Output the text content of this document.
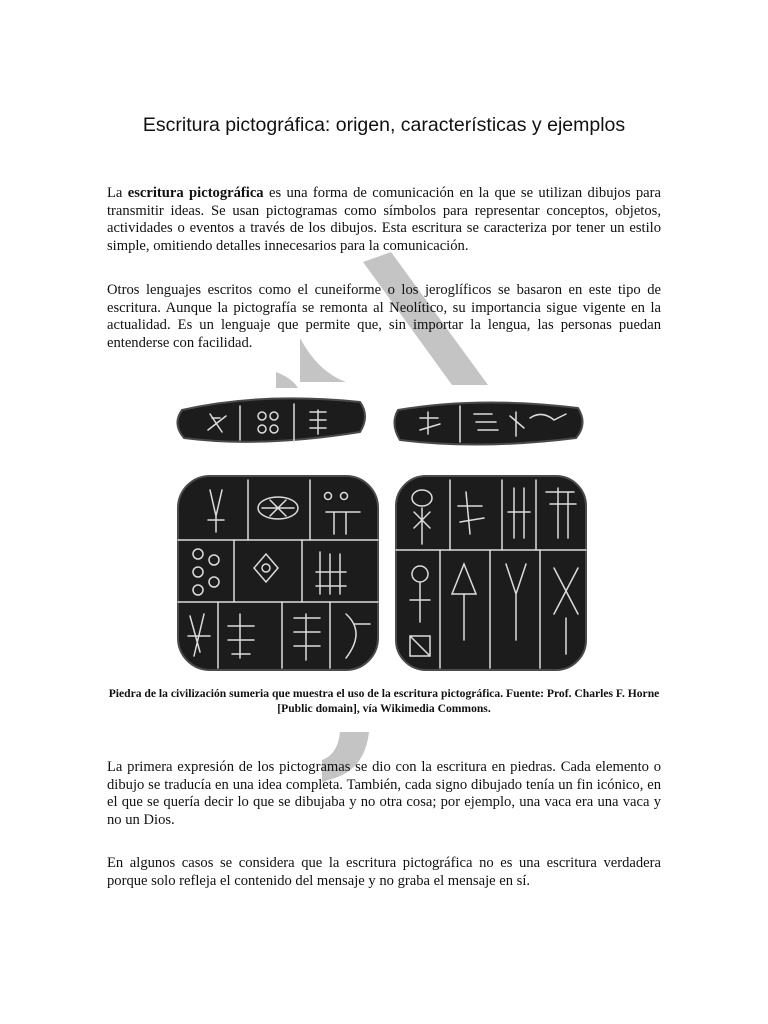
Escritura pictográfica: origen, características y ejemplos

La escritura pictográfica es una forma de comunicación en la que se utilizan dibujos para transmitir ideas. Se usan pictogramas como símbolos para representar conceptos, objetos, actividades o eventos a través de los dibujos. Esta escritura se caracteriza por tener un estilo simple, omitiendo detalles innecesarios para la comunicación.

Otros lenguajes escritos como el cuneiforme o los jeroglíficos se basaron en este tipo de escritura. Aunque la pictografía se remonta al Neolítico, su importancia sigue vigente en la actualidad. Es un lenguaje que permite que, sin importar la lengua, las personas puedan entenderse con facilidad.

Piedra de la civilización sumeria que muestra el uso de la escritura pictográfica. Fuente: Prof. Charles F. Horne [Public domain], vía Wikimedia Commons.

La primera expresión de los pictogramas se dio con la escritura en piedras. Cada elemento o dibujo se traducía en una idea completa. También, cada signo dibujado tenía un fin icónico, en el que se quería decir lo que se dibujaba y no otra cosa; por ejemplo, una vaca era una vaca y no un Dios.

En algunos casos se considera que la escritura pictográfica no es una escritura verdadera porque solo refleja el contenido del mensaje y no graba el mensaje en sí.
